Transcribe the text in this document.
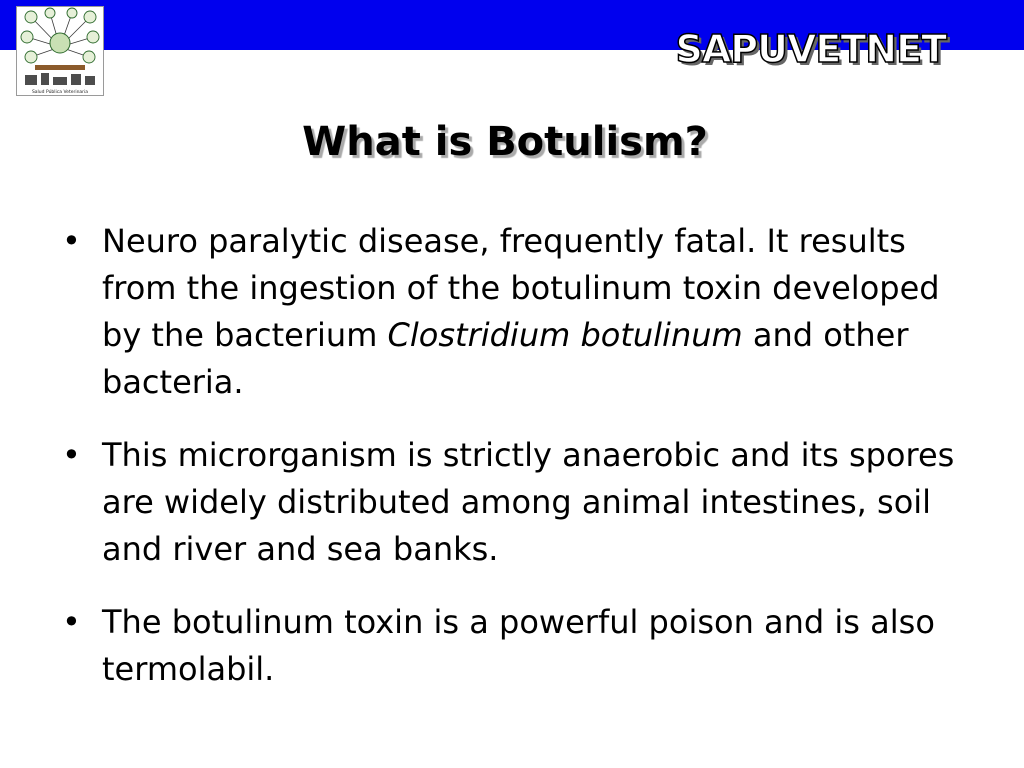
Salud Pública Veterinaria
SAPUVETNET
What is Botulism?
• Neuro paralytic disease, frequently fatal. It results from the ingestion of the botulinum toxin developed by the bacterium Clostridium botulinum and other bacteria.
• This microrganism is strictly anaerobic and its spores are widely distributed among animal intestines, soil and river and sea banks.
• The botulinum toxin is a powerful poison and is also termolabil.
